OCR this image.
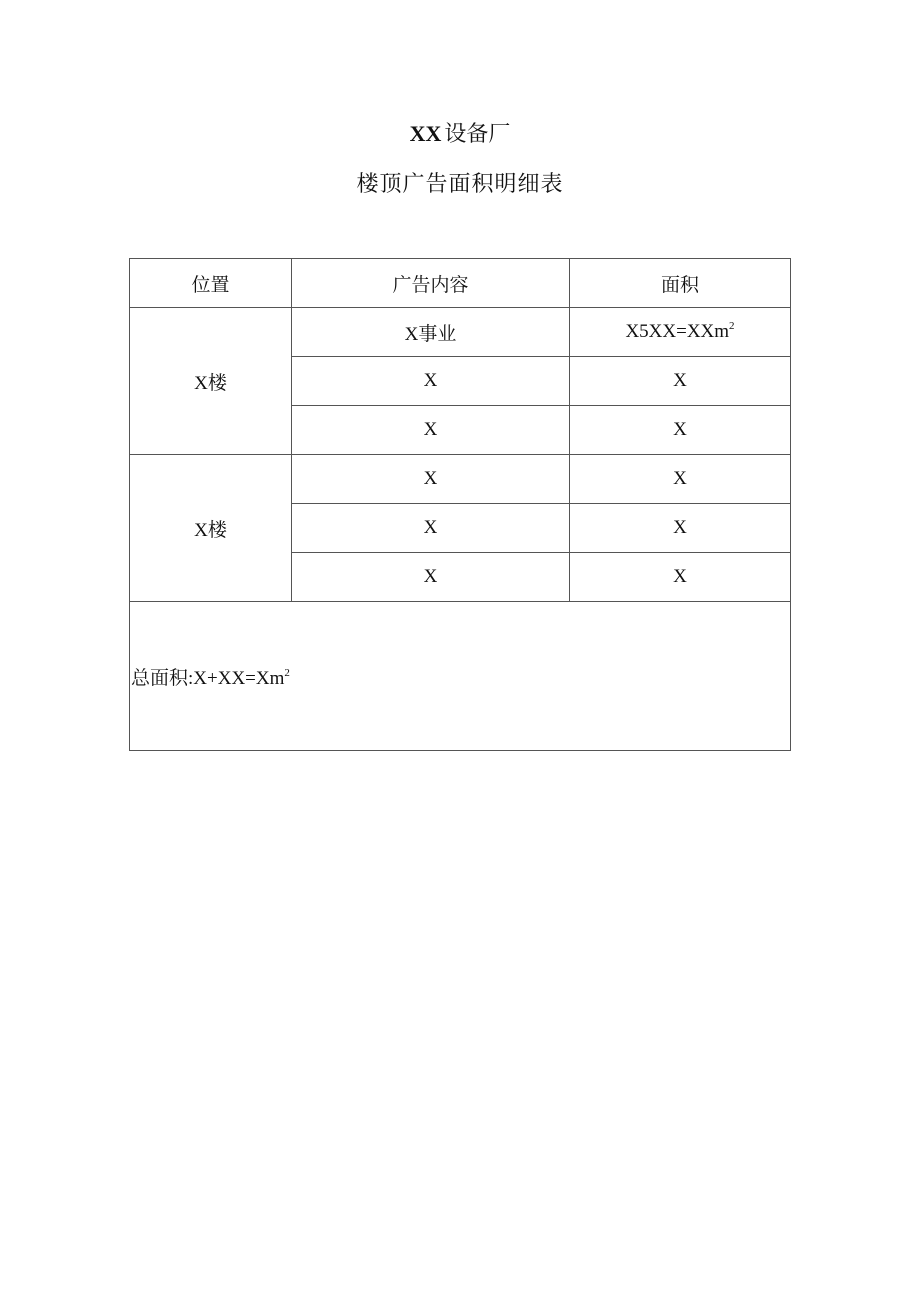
XX 设备厂
楼顶广告面积明细表
位置	广告内容	面积
X楼	X事业	X5XX=XXm$^2$
	X	X
	X	X
X楼	X	X
	X	X
	X	X
总面积$:X+XX=Xm^2$
